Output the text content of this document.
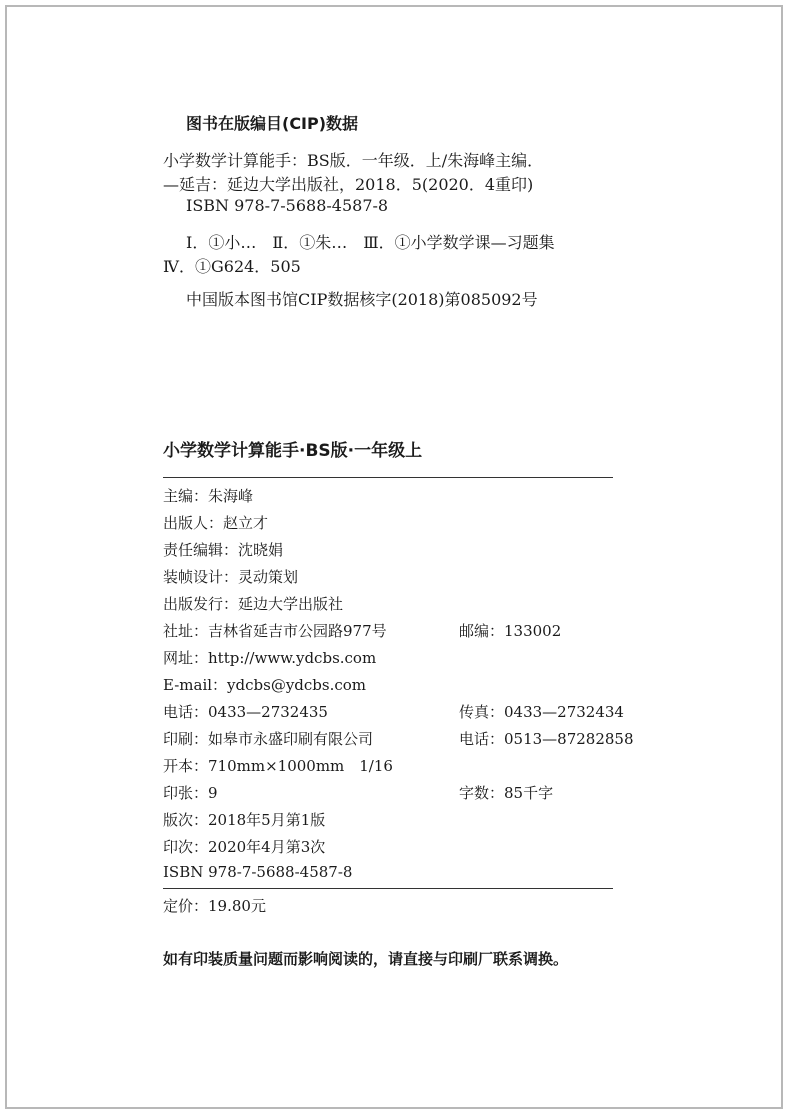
图书在版编目(CIP)数据
小学数学计算能手：BS版．一年级．上/朱海峰主编．
—延吉：延边大学出版社，2018．5(2020．4重印)
ISBN 978-7-5688-4587-8
Ⅰ．①小…　Ⅱ．①朱…　Ⅲ．①小学数学课—习题集
Ⅳ．①G624．505
中国版本图书馆CIP数据核字(2018)第085092号
小学数学计算能手·BS版·一年级上
主编：朱海峰
出版人：赵立才
责任编辑：沈晓娟
装帧设计：灵动策划
出版发行：延边大学出版社
社址：吉林省延吉市公园路977号	邮编：133002
网址：http://www.ydcbs.com
E-mail：ydcbs@ydcbs.com
电话：0433—2732435	传真：0433—2732434
印刷：如皋市永盛印刷有限公司	电话：0513—87282858
开本：710mm×1000mm　1/16
印张：9	字数：85千字
版次：2018年5月第1版
印次：2020年4月第3次
ISBN 978-7-5688-4587-8
定价：19.80元
如有印装质量问题而影响阅读的，请直接与印刷厂联系调换。
